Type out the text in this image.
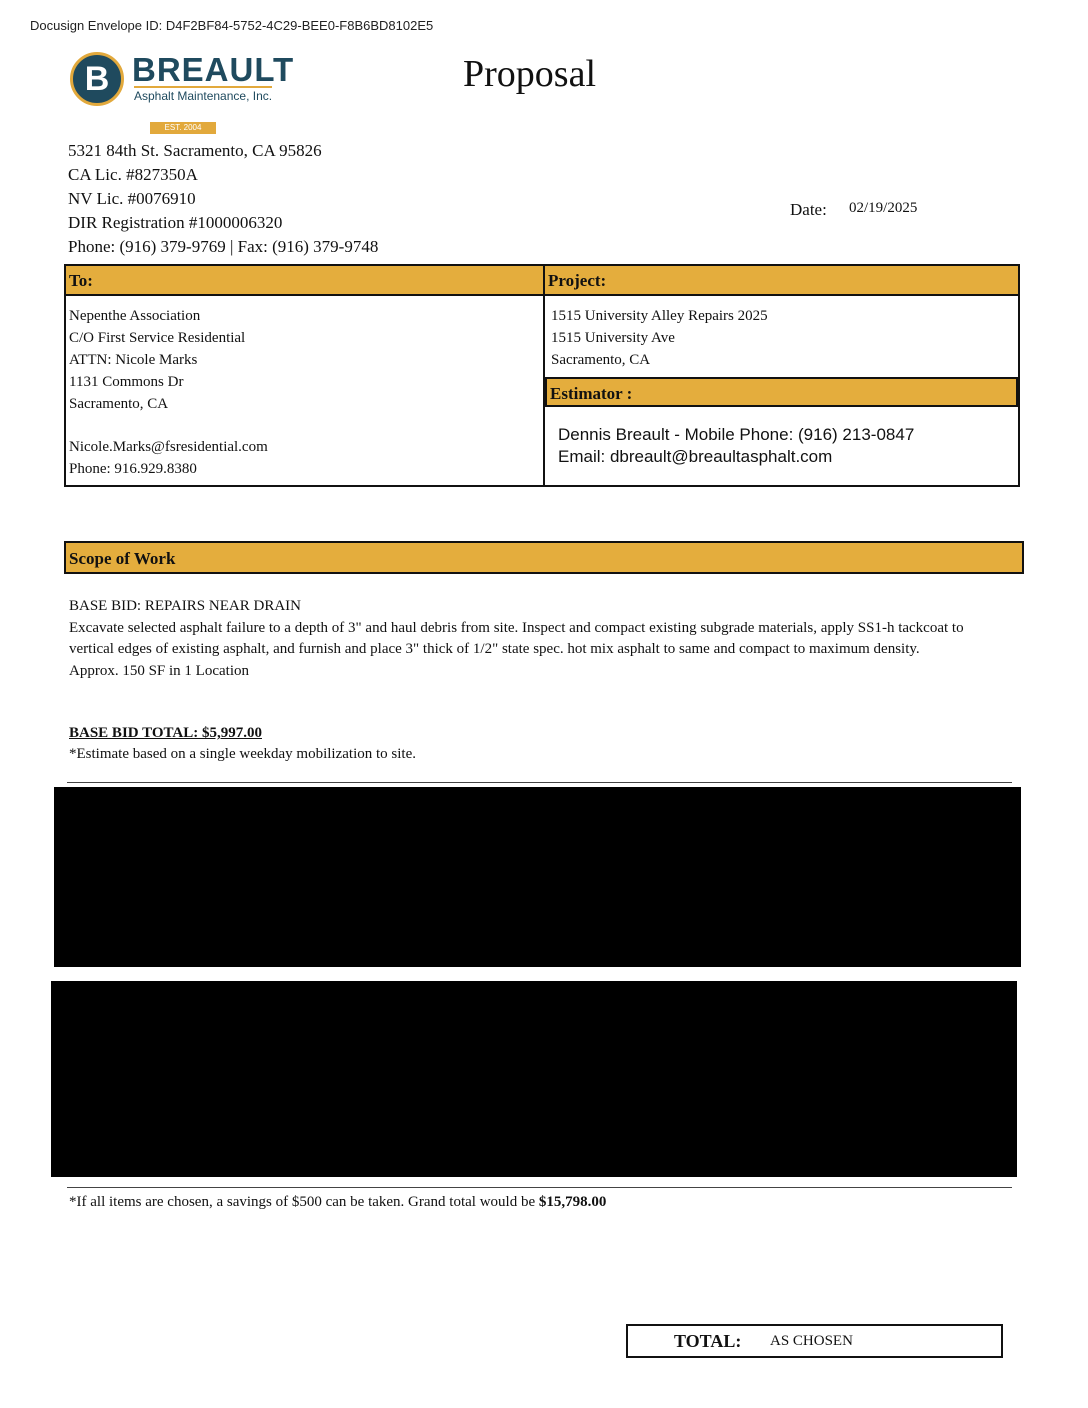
Docusign Envelope ID: D4F2BF84-5752-4C29-BEE0-F8B6BD8102E5
B BREAULT
Asphalt Maintenance, Inc.
EST. 2004
Proposal
5321 84th St. Sacramento, CA 95826
CA Lic. #827350A
NV Lic. #0076910
DIR Registration #1000006320
Phone: (916) 379-9769 | Fax: (916) 379-9748
Date: 02/19/2025
To:	Project:
Nepenthe Association
C/O First Service Residential
ATTN: Nicole Marks
1131 Commons Dr
Sacramento, CA
Nicole.Marks@fsresidential.com
Phone: 916.929.8380
1515 University Alley Repairs 2025
1515 University Ave
Sacramento, CA
Estimator :
Dennis Breault - Mobile Phone: (916) 213-0847
Email: dbreault@breaultasphalt.com
Scope of Work
BASE BID: REPAIRS NEAR DRAIN
Excavate selected asphalt failure to a depth of 3" and haul debris from site. Inspect and compact existing subgrade materials, apply SS1-h tackcoat to vertical edges of existing asphalt, and furnish and place 3" thick of 1/2" state spec. hot mix asphalt to same and compact to maximum density.
Approx. 150 SF in 1 Location
BASE BID TOTAL: $5,997.00
*Estimate based on a single weekday mobilization to site.
*If all items are chosen, a savings of $500 can be taken. Grand total would be $15,798.00
TOTAL: AS CHOSEN
